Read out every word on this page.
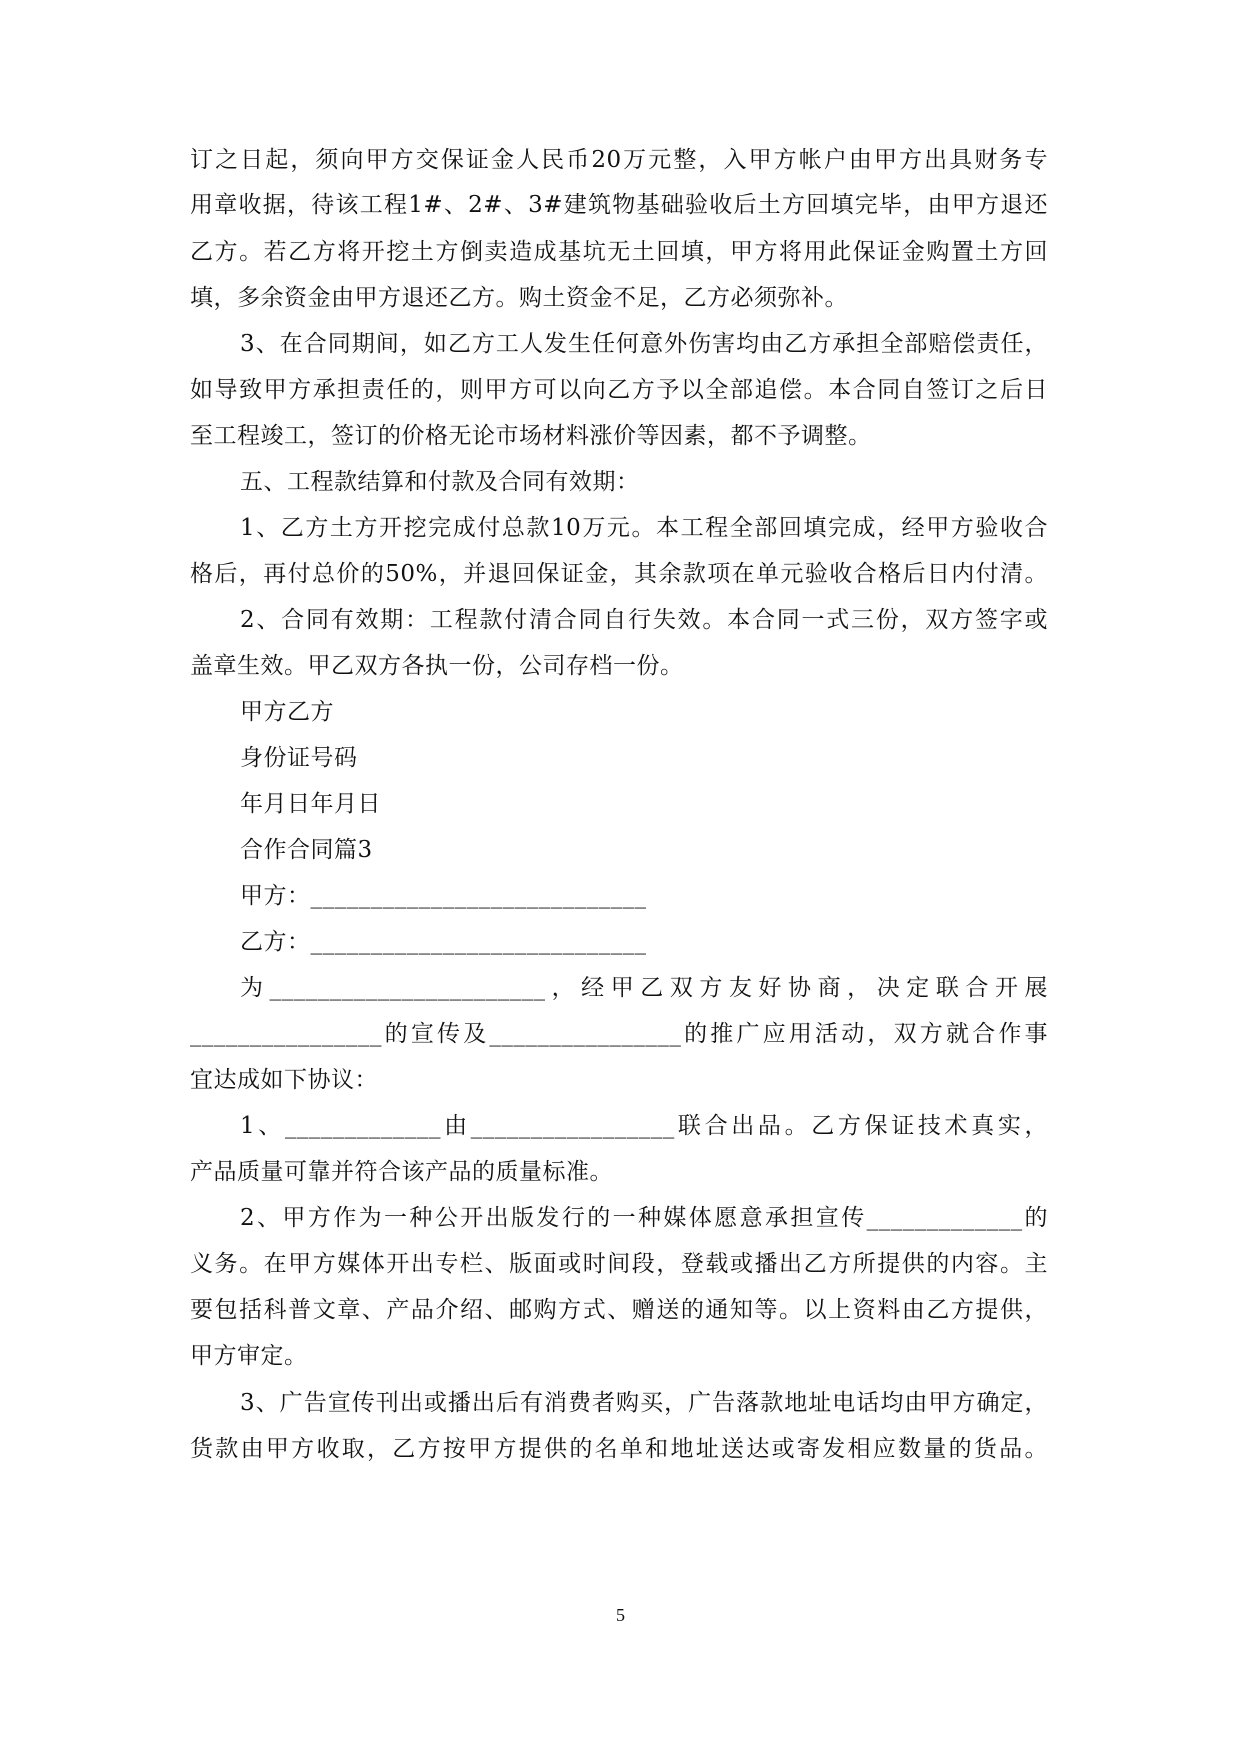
订之日起，须向甲方交保证金人民币20万元整，入甲方帐户由甲方出具财务专
用章收据，待该工程1#、2#、3#建筑物基础验收后土方回填完毕，由甲方退还
乙方。若乙方将开挖土方倒卖造成基坑无土回填，甲方将用此保证金购置土方回
填，多余资金由甲方退还乙方。购土资金不足，乙方必须弥补。
3、在合同期间，如乙方工人发生任何意外伤害均由乙方承担全部赔偿责任，
如导致甲方承担责任的，则甲方可以向乙方予以全部追偿。本合同自签订之后日
至工程竣工，签订的价格无论市场材料涨价等因素，都不予调整。
五、工程款结算和付款及合同有效期：
1、乙方土方开挖完成付总款10万元。本工程全部回填完成，经甲方验收合
格后，再付总价的50%，并退回保证金，其余款项在单元验收合格后日内付清。
2、合同有效期：工程款付清合同自行失效。本合同一式三份，双方签字或
盖章生效。甲乙双方各执一份，公司存档一份。
甲方乙方
身份证号码
年月日年月日
合作合同篇3
甲方：____________________________
乙方：____________________________
为_______________________，经甲乙双方友好协商，决定联合开展
________________的宣传及________________的推广应用活动，双方就合作事
宜达成如下协议：
1、_____________由_________________联合出品。乙方保证技术真实，
产品质量可靠并符合该产品的质量标准。
2、甲方作为一种公开出版发行的一种媒体愿意承担宣传_____________的
义务。在甲方媒体开出专栏、版面或时间段，登载或播出乙方所提供的内容。主
要包括科普文章、产品介绍、邮购方式、赠送的通知等。以上资料由乙方提供，
甲方审定。
3、广告宣传刊出或播出后有消费者购买，广告落款地址电话均由甲方确定，
货款由甲方收取，乙方按甲方提供的名单和地址送达或寄发相应数量的货品。
5
